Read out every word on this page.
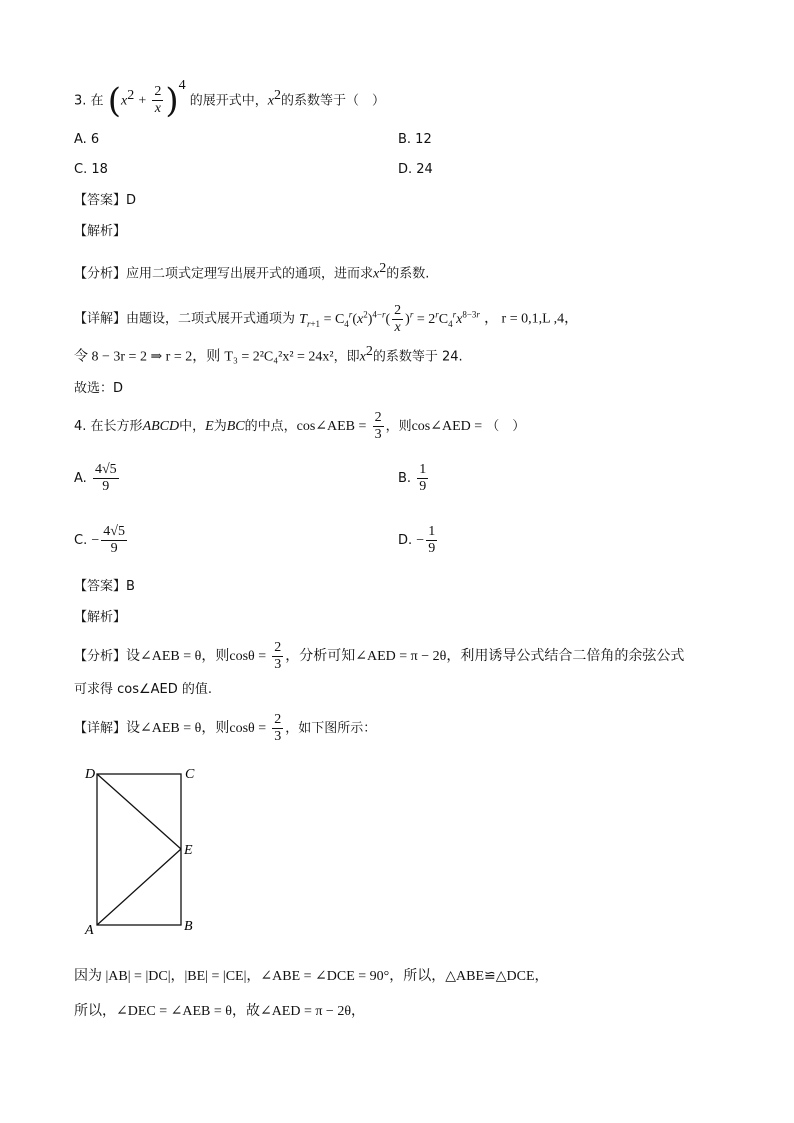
3. 在 $(x^2 + \frac{2}{x} )^4$ 的展开式中，$x^2$的系数等于（　）
A. 6	B. 12
C. 18	D. 24
【答案】D
【解析】
【分析】应用二项式定理写出展开式的通项，进而求$x^2$的系数.
【详解】由题设，二项式展开式通项为 $T_{r+1} = C_4^r(x^2)^{4-r}( \frac{2}{x} )^r = 2^rC_4^rx^{8-3r}$ ， r = 0,1,L ,4，
令 8 − 3r = 2 ⇒ r = 2，则 T₃ = 2²C₄²x² = 24x²，即$x^2$的系数等于 24.
故选：D
4. 在长方形ABCD中，E为BC的中点，cos∠AEB = $\frac{2}{3}$ ，则cos∠AED = （　）
A. $\frac{4√5}{9}$	B. $\frac{1}{9}$
C. − $\frac{4√5}{9}$	D. − $\frac{1}{9}$
【答案】B
【解析】
【分析】设∠AEB = θ，则$\cos\theta = \frac{2}{3}$ ，分析可知∠AED = π − 2θ，利用诱导公式结合二倍角的余弦公式
可求得 cos∠AED 的值.
【详解】设∠AEB = θ，则$\cos\theta = \frac{2}{3}$ ，如下图所示：
D	C
E
A	B
因为 |AB| = |DC|，|BE| = |CE|，∠ABE = ∠DCE = 90°，所以，△ABE≌△DCE，
所以，∠DEC = ∠AEB = θ，故∠AED = π − 2θ，
